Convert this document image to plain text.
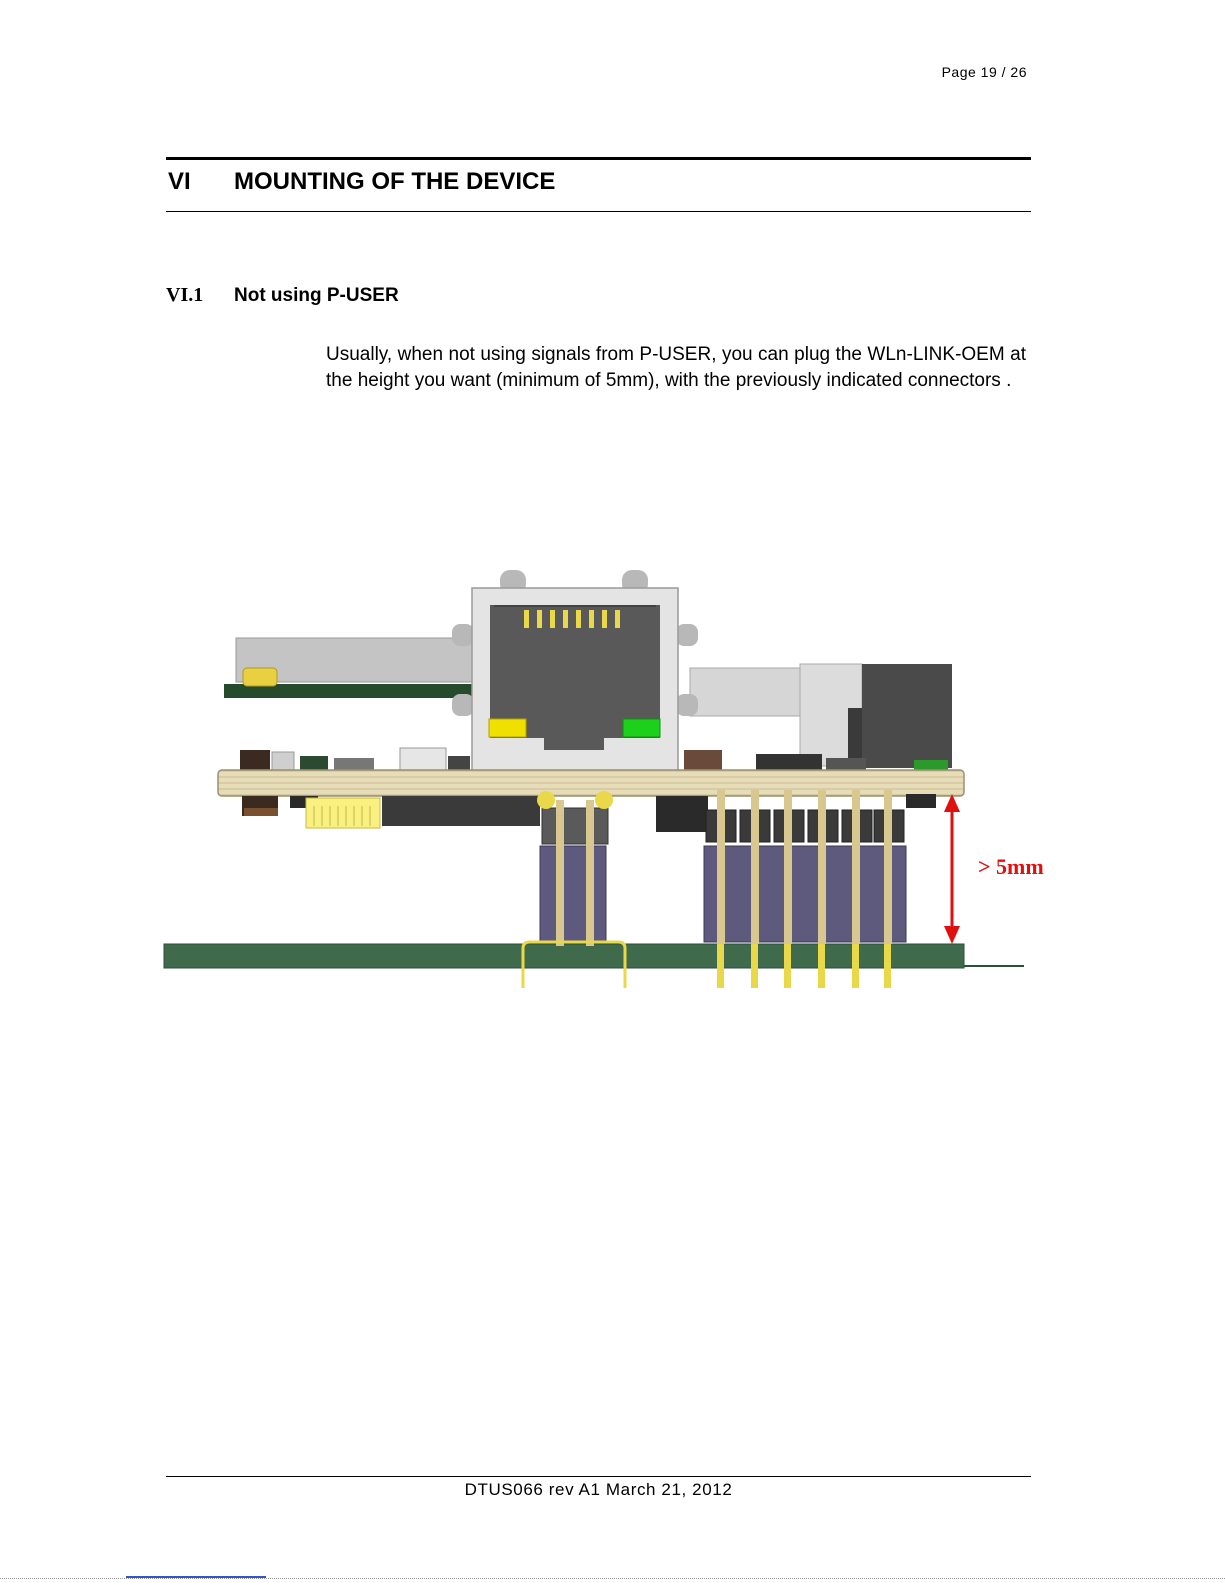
Page 19 / 26
VI MOUNTING OF THE DEVICE
VI.1 Not using P-USER
Usually, when not using signals from P-USER, you can plug the WLn-LINK-OEM at the height you want (minimum of 5mm), with the previously indicated connectors .
> 5mm
DTUS066 rev A1 March 21, 2012
